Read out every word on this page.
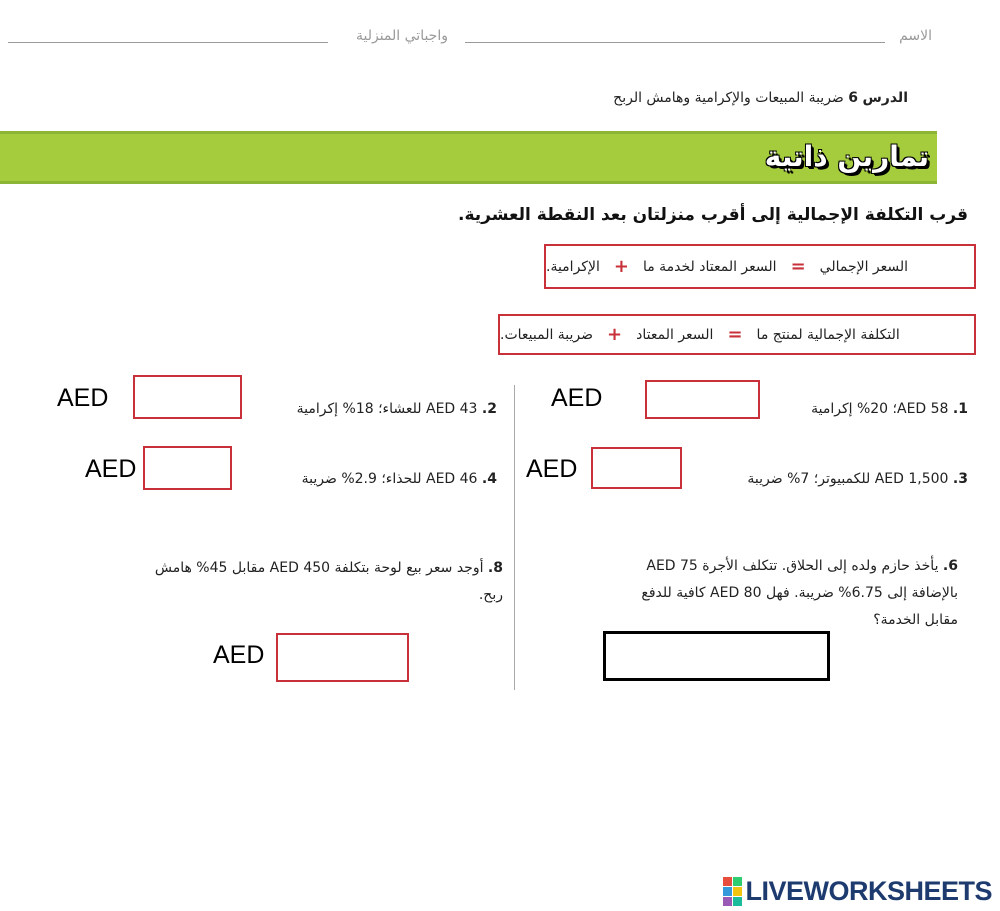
الاسم
واجباتي المنزلية
الدرس 6 ضريبة المبيعات والإكرامية وهامش الربح
تمارين ذاتية
قرب التكلفة الإجمالية إلى أقرب منزلتان بعد النقطة العشرية.
السعر الإجمالي
=
السعر المعتاد لخدمة ما
+
الإكرامية.
التكلفة الإجمالية لمنتج ما
=
السعر المعتاد
+
ضريبة المبيعات.
1. AED 58؛ 20% إكرامية
AED
2. AED 43 للعشاء؛ 18% إكرامية
AED
3. AED 1,500 للكمبيوتر؛ 7% ضريبة
AED
4. AED 46 للحذاء؛ 2.9% ضريبة
AED
6. يأخذ حازم ولده إلى الحلاق. تتكلف الأجرة AED 75
بالإضافة إلى 6.75% ضريبة. فهل AED 80 كافية للدفع
مقابل الخدمة؟
8. أوجد سعر بيع لوحة بتكلفة AED 450 مقابل 45% هامش
ربح.
AED
LIVEWORKSHEETS
